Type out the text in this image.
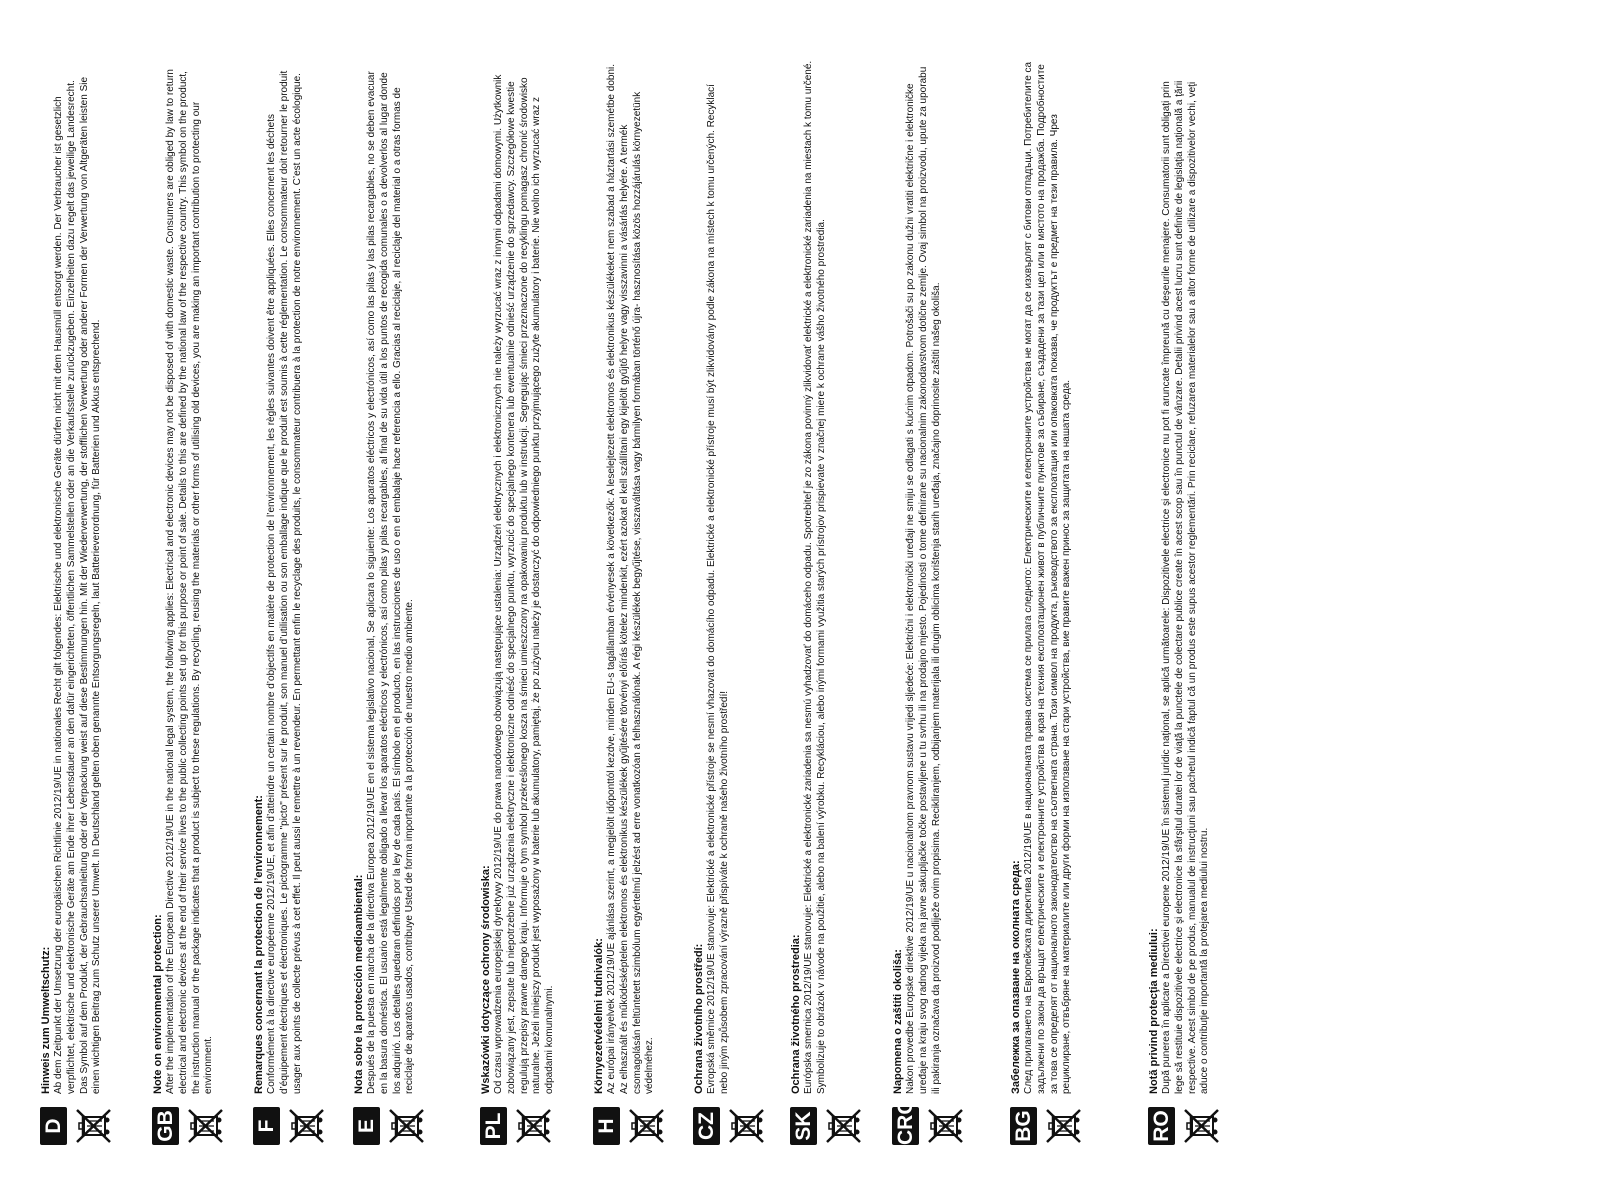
D

Hinweis zum Umweltschutz: Ab dem Zeitpunkt der Umsetzung der europäischen Richtlinie 2012/19/UE in nationales Recht gilt folgendes: Elektrische und elektronische Geräte dürfen nicht mit dem Hausmüll entsorgt werden. Der Verbraucher ist gesetzlich verpflichtet, elektrische und elektronische Geräte am Ende ihrer Lebensdauer an den dafür eingerichteten, öffentlichen Sammelstellen oder an die Verkaufsstelle zurückzugeben. Einzelheiten dazu regelt das jeweilige Landesrecht. Das Symbol auf dem Produkt, der Gebrauchsanleitung oder der Verpackung weist auf diese Bestimmungen hin. Mit der Wiederverwertung, der stofflichen Verwertung oder anderer Formen der Verwertung von Altgeräten leisten Sie einen wichtigen Beitrag zum Schutz unserer Umwelt. In Deutschland gelten oben genannte Entsorgungsregeln, laut Batterieverordnung, für Batterien und Akkus entsprechend.

GB

Note on environmental protection: After the implementation of the European Directive 2012/19/UE in the national legal system, the following applies: Electrical and electronic devices may not be disposed of with domestic waste. Consumers are obliged by law to return electrical and electronic devices at the end of their service lives to the public collecting points set up for this purpose or point of sale. Details to this are defined by the national law of the respective country. This symbol on the product, the instruction manual or the package indicates that a product is subject to these regulations. By recycling, reusing the materials or other forms of utilising old devices, you are making an important contribution to protecting our environment.

F

Remarques concernant la protection de l’environnement: Conformément à la directive européenne 2012/19/UE, et afin d’atteindre un certain nombre d’objectifs en matière de protection de l’environnement, les règles suivantes doivent être appliquées. Elles concernent les déchets d’équipement électriques et électroniques. Le pictogramme "picto" présent sur le produit, son manuel d’utilisation ou son emballage indique que le produit est soumis à cette réglementation. Le consommateur doit retourner le produit usager aux points de collecte prévus à cet effet. Il peut aussi le remettre à un revendeur. En permettant enfin le recyclage des produits, le consommateur contribuera à la protection de notre environnement. C’est un acte écologique.

E

Nota sobre la protección medioambiental: Después de la puesta en marcha de la directiva Europea 2012/19/UE en el sistema legislativo nacional, Se aplicara lo siguiente: Los aparatos eléctricos y electrónicos, así como las pilas y las pilas recargables, no se deben evacuar en la basura doméstica. El usuario está legalmente obligado a llevar los aparatos eléctricos y electrónicos, así como pilas y pilas recargables, al final de su vida útil a los puntos de recogida comunales o a devolverlos al lugar donde los adquirió. Los detalles quedaran definidos por la ley de cada país. El símbolo en el producto, en las instrucciones de uso o en el embalaje hace referencia a ello. Gracias al reciclaje, al reciclaje del material o a otras formas de reciclaje de aparatos usados, contribuye Usted de forma importante a la protección de nuestro medio ambiente.

PL

Wskazówki dotyczące ochrony środowiska: Od czasu wprowadzenia europejskiej dyrektywy 2012/19/UE do prawa narodowego obowiązują następujące ustalenia: Urządzeń elektrycznych i elektronicznych nie należy wyrzucać wraz z innymi odpadami domowymi. Użytkownik zobowiązany jest, zepsute lub niepotrzebne już urządzenia elektryczne i elektroniczne odnieść do specjalnego punktu, wyrzucić do specjalnego kontenera lub ewentualnie odnieść urządzenie do sprzedawcy. Szczegółowe kwestie regulują przepisy prawne danego kraju. Informuje o tym symbol przekreślonego kosza na śmieci umieszczony na opakowaniu produktu lub w instrukcji. Segregując śmieci przeznaczone do recyklingu pomagasz chronić środowisko naturalne. Jeżeli niniejszy produkt jest wyposażony w baterie lub akumulatory, pamiętaj, że po zużyciu należy je dostarczyć do odpowiedniego punktu przyjmującego zużyte akumulatory i baterie. Nie wolno ich wyrzucać wraz z odpadami komunalnymi.

H

Környezetvédelmi tudnivalók: Az európai irányelvek 2012/19/UE ajánlása szerint, a megjelölt időponttól kezdve, minden EU-s tagállamban érvényesek a következők: A leselejtezett elektromos és elektronikus készülékeket nem szabad a háztartási szemétbe dobni. Az elhasznált és működésképtelen elektromos és elektronikus készülékek gyűjtésére törvényi előírás kötelez mindenkit, ezért azokat el kell szállítani egy kijelölt gyűjtő helyre vagy visszavinni a vásárlás helyére. A termék csomagolásán feltüntetett szimbólum egyértelmű jelzést ad erre vonatkozóan a felhasználónak. A régi készülékek begyűjtése, visszaváltása vagy bármilyen formában történő újra- hasznosítása közös hozzájárulás környezetünk védelméhez.

CZ

Ochrana životního prostředí: Evropská směrnice 2012/19/UE stanovuje: Elektrické a elektronické přístroje se nesmí vhazovat do domácího odpadu. Elektrické a elektronické přístroje musí být zlikvidovány podle zákona na místech k tomu určených. Recyklací nebo jiným způsobem zpracování výrazně přispíváte k ochraně našeho životního prostředí!

SK

Ochrana životného prostredia: Európska smernica 2012/19/UE stanovuje: Elektrické a elektronické zariadenia sa nesmú vyhadzovať do domáceho odpadu. Spotrebiteľ je zo zákona povinný zlikvidovať elektrické a elektronické zariadenia na miestach k tomu určené. Symbolizuje to obrázok v návode na použitie, alebo na balení výrobku. Recykláciou, alebo inými formami využitia starých prístrojov prispievate v značnej miere k ochrane vášho životného prostredia.

CRO

Napomena o zaštiti okoliša: Nakon provedbe Europske direktive 2012/19/UE u nacionalnom pravnom sustavu vrijedi sljedeće: Električni i elektronički uređaji ne smiju se odlagati s kućnim otpadom. Potrošači su po zakonu dužni vratiti električne i elektroničke uređaje na kraju svog radnog vijeka na javne sakupljačke točke postavljene u tu svrhu ili na prodajno mjesto. Pojedinosti o tome definirane su nacionalnim zakonodavstvom dotične zemlje. Ovaj simbol na proizvodu, upute za uporabu ili pakiranja označava da proizvod podliježe ovim propisima. Recikliranjem, odbijanjem materijala ili drugim oblicima korištenja starih uređaja, značajno doprinosite zaštiti našeg okoliša.

BG

Забележка за опазване на околната среда: След прилагането на Европейската директива 2012/19/UE в националната правна система се прилага следното: Електрическите и електронните устройства не могат да се изхвърлят с битови отпадъци. Потребителите са задължени по закон да връщат електрическите и електронните устройства в края на техния експлоатационен живот в публичните пунктове за събиране, създадени за тази цел или в мястото на продажба. Подробностите за това се определят от националното законодателство на съответната страна. Този символ на продукта, ръководството за експлоатация или опаковката показва, че продуктът е предмет на тези правила. Чрез рециклиране, отвъбряне на материалите или други форми на използване на стари устройства, вие правите важен принос за защитата на нашата среда.

RO

Notă privind protecţia mediului: După punerea în aplicare a Directivei europene 2012/19/UE în sistemul juridic naţional, se aplică următoarele: Dispozitivele electrice şi electronice nu pot fi aruncate împreună cu deşeurile menajere. Consumatorii sunt obligaţi prin lege să restituie dispozitivele electrice şi electronice la sfârşitul duratei lor de viaţă la punctele de colectare publice create în acest scop sau în punctul de vânzare. Detalii privind acest lucru sunt definite de legislaţia naţională a ţării respective. Acest simbol de pe produs, manualul de instrucţiuni sau pachetul indică faptul că un produs este supus acestor reglementări. Prin reciclare, refuzarea materialelor sau a altor forme de utilizare a dispozitivelor vechi, veţi aduce o contribuţie importantă la protejarea mediului nostru.
